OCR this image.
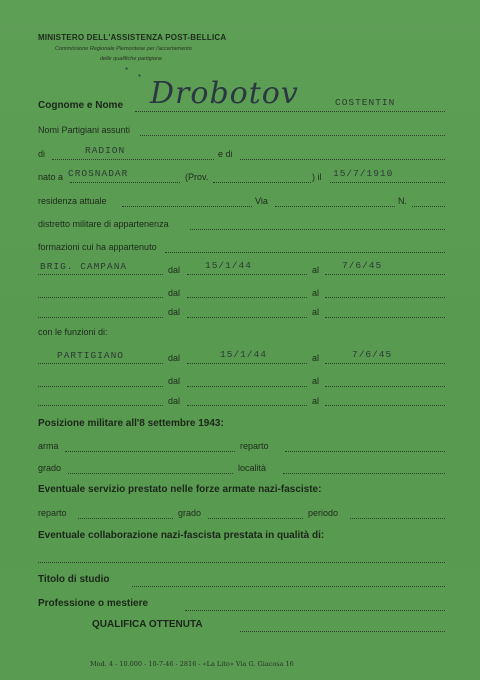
MINISTERO DELL'ASSISTENZA POST-BELLICA
Commissione Regionale Piemontese per l'accertamento
delle qualifiche partigiane
*
*
Cognome e Nome Drobotov	COSTENTIN
Nomi Partigiani assunti
di	RADION	e di
nato a CROSNADAR	(Prov.	) il 15/7/1910
residenza attuale	Via	N.
distretto militare di appartenenza
formazioni cui ha appartenuto
BRIG. CAMPANA	dal	15/1/44	al 7/6/45
dal	al
dal	al
con le funzioni di:
PARTIGIANO	dal	15/1/44	al	7/6/45
dal	al
dal	al
Posizione militare all'8 settembre 1943:
arma	reparto
grado	località
Eventuale servizio prestato nelle forze armate nazi-fasciste:
reparto	grado	periodo
Eventuale collaborazione nazi-fascista prestata in qualità di:
Titolo di studio
Professione o mestiere
QUALIFICA OTTENUTA
Mod. 4 - 10.000 - 10-7-46 - 2816 - «La Lito» Via G. Giacosa 16
